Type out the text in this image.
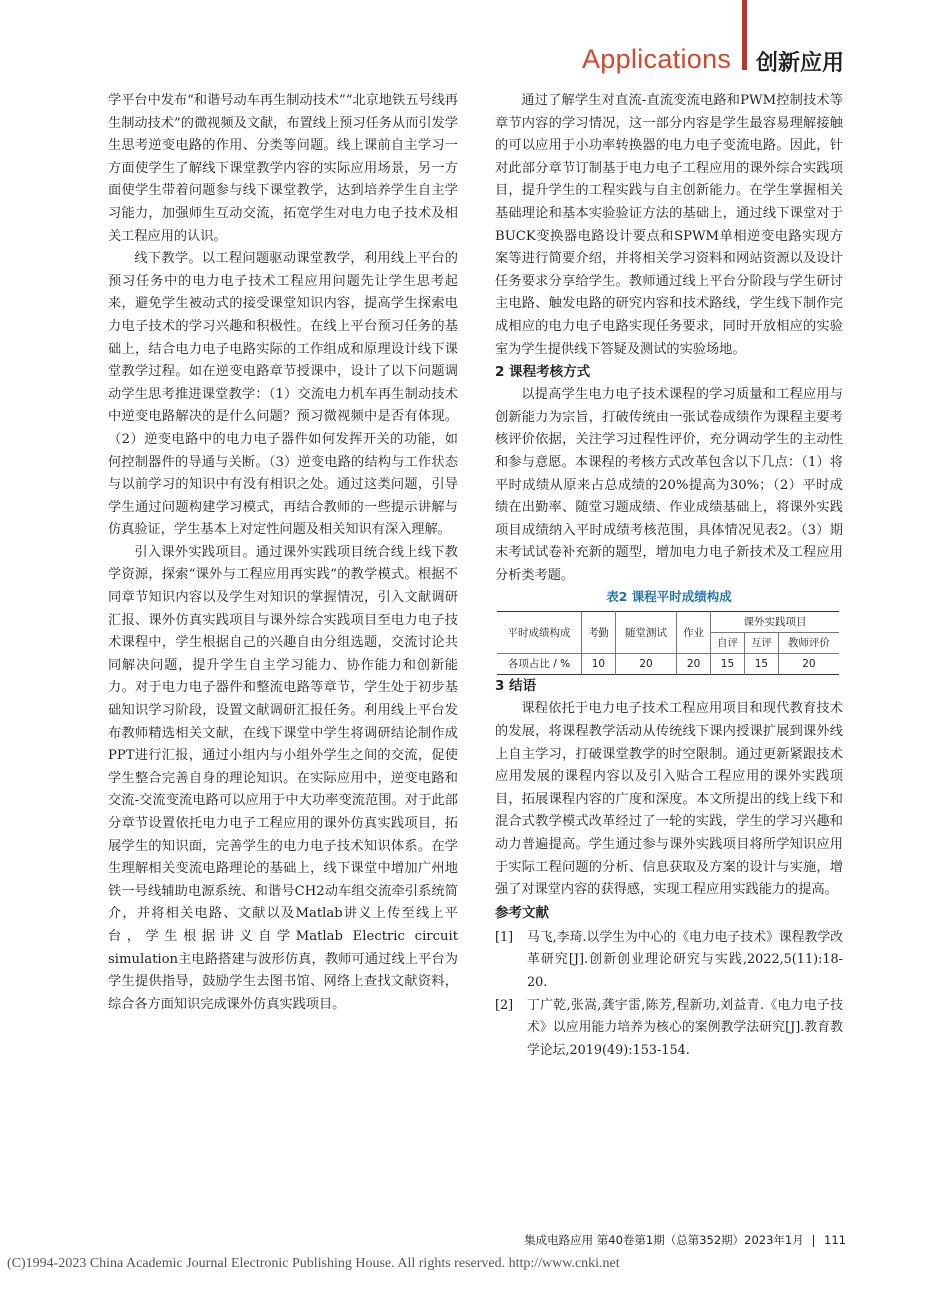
Applications 创新应用

学平台中发布“和谐号动车再生制动技术”“北京地铁五号线再生制动技术”的微视频及文献，布置线上预习任务从而引发学生思考逆变电路的作用、分类等问题。线上课前自主学习一方面使学生了解线下课堂教学内容的实际应用场景，另一方面使学生带着问题参与线下课堂教学，达到培养学生自主学习能力，加强师生互动交流，拓宽学生对电力电子技术及相关工程应用的认识。

线下教学。以工程问题驱动课堂教学，利用线上平台的预习任务中的电力电子技术工程应用问题先让学生思考起来，避免学生被动式的接受课堂知识内容，提高学生探索电力电子技术的学习兴趣和积极性。在线上平台预习任务的基础上，结合电力电子电路实际的工作组成和原理设计线下课堂教学过程。如在逆变电路章节授课中，设计了以下问题调动学生思考推进课堂教学：（1）交流电力机车再生制动技术中逆变电路解决的是什么问题？预习微视频中是否有体现。（2）逆变电路中的电力电子器件如何发挥开关的功能，如何控制器件的导通与关断。（3）逆变电路的结构与工作状态与以前学习的知识中有没有相识之处。通过这类问题，引导学生通过问题构建学习模式，再结合教师的一些提示讲解与仿真验证，学生基本上对定性问题及相关知识有深入理解。

引入课外实践项目。通过课外实践项目统合线上线下教学资源，探索“课外与工程应用再实践”的教学模式。根据不同章节知识内容以及学生对知识的掌握情况，引入文献调研汇报、课外仿真实践项目与课外综合实践项目至电力电子技术课程中，学生根据自己的兴趣自由分组选题，交流讨论共同解决问题，提升学生自主学习能力、协作能力和创新能力。对于电力电子器件和整流电路等章节，学生处于初步基础知识学习阶段，设置文献调研汇报任务。利用线上平台发布教师精选相关文献，在线下课堂中学生将调研结论制作成PPT进行汇报，通过小组内与小组外学生之间的交流，促使学生整合完善自身的理论知识。在实际应用中，逆变电路和交流-交流变流电路可以应用于中大功率变流范围。对于此部分章节设置依托电力电子工程应用的课外仿真实践项目，拓展学生的知识面，完善学生的电力电子技术知识体系。在学生理解相关变流电路理论的基础上，线下课堂中增加广州地铁一号线辅助电源系统、和谐号CH2动车组交流牵引系统简介，并将相关电路、文献以及Matlab讲义上传至线上平台，学生根据讲义自学Matlab Electric circuit simulation主电路搭建与波形仿真，教师可通过线上平台为学生提供指导，鼓励学生去图书馆、网络上查找文献资料，综合各方面知识完成课外仿真实践项目。

通过了解学生对直流-直流变流电路和PWM控制技术等章节内容的学习情况，这一部分内容是学生最容易理解接触的可以应用于小功率转换器的电力电子变流电路。因此，针对此部分章节订制基于电力电子工程应用的课外综合实践项目，提升学生的工程实践与自主创新能力。在学生掌握相关基础理论和基本实验验证方法的基础上，通过线下课堂对于BUCK变换器电路设计要点和SPWM单相逆变电路实现方案等进行简要介绍，并将相关学习资料和网站资源以及设计任务要求分享给学生。教师通过线上平台分阶段与学生研讨主电路、触发电路的研究内容和技术路线，学生线下制作完成相应的电力电子电路实现任务要求，同时开放相应的实验室为学生提供线下答疑及测试的实验场地。

2 课程考核方式

以提高学生电力电子技术课程的学习质量和工程应用与创新能力为宗旨，打破传统由一张试卷成绩作为课程主要考核评价依据，关注学习过程性评价，充分调动学生的主动性和参与意愿。本课程的考核方式改革包含以下几点：（1）将平时成绩从原来占总成绩的20%提高为30%；（2）平时成绩在出勤率、随堂习题成绩、作业成绩基础上，将课外实践项目成绩纳入平时成绩考核范围，具体情况见表2。（3）期末考试试卷补充新的题型，增加电力电子新技术及工程应用分析类考题。

表2 课程平时成绩构成
平时成绩构成	考勤	随堂测试	作业	课外实践项目		
				自评	互评	教师评价
各项占比 / %	10	20	20	15	15	20
3 结语

课程依托于电力电子技术工程应用项目和现代教育技术的发展，将课程教学活动从传统线下课内授课扩展到课外线上自主学习，打破课堂教学的时空限制。通过更新紧跟技术应用发展的课程内容以及引入贴合工程应用的课外实践项目，拓展课程内容的广度和深度。本文所提出的线上线下和混合式教学模式改革经过了一轮的实践，学生的学习兴趣和动力普遍提高。学生通过参与课外实践项目将所学知识应用于实际工程问题的分析、信息获取及方案的设计与实施，增强了对课堂内容的获得感，实现工程应用实践能力的提高。

参考文献
[1]	马飞,李琦.以学生为中心的《电力电子技术》课程教学改革研究[J].创新创业理论研究与实践,2022,5(11):18-20.
[2]	丁广乾,张嵩,龚宇雷,陈芳,程新功,刘益青.《电力电子技术》以应用能力培养为核心的案例教学法研究[J].教育教学论坛,2019(49):153-154.
集成电路应用 第40卷第1期（总第352期）2023年1月 111
(C)1994-2023 China Academic Journal Electronic Publishing House. All rights reserved. http://www.cnki.net
